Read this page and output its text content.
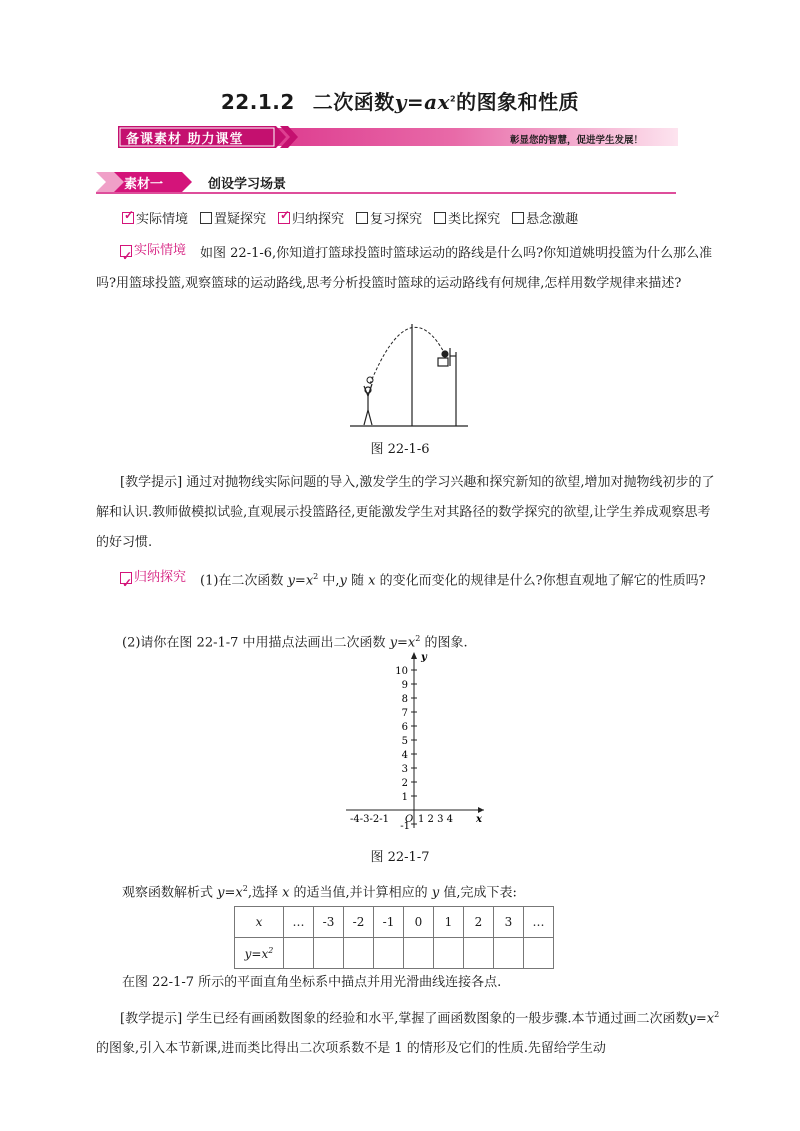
22.1.2 二次函数$y=ax^2$的图象和性质
备课素材 助力课堂	彰显您的智慧，促进学生发展！
素材一	创设学习场景
✓
实际情境 置疑探究 ✓ 归纳探究 复习探究 类比探究 悬念激趣
✓
实际情境 如图 22-1-6,你知道打篮球投篮时篮球运动的路线是什么吗?你知道姚明投篮为什么那么准吗?用篮球投篮,观察篮球的运动路线,思考分析投篮时篮球的运动路线有何规律,怎样用数学规律来描述?
图 22-1-6
[教学提示] 通过对抛物线实际问题的导入,激发学生的学习兴趣和探究新知的欲望,增加对抛物线初步的了解和认识.教师做模拟试验,直观展示投篮路径,更能激发学生对其路径的数学探究的欲望,让学生养成观察思考的好习惯.
✓
归纳探究 (1)在二次函数 $y=x^2$ 中,y 随 x 的变化而变化的规律是什么?你想直观地了解它的性质吗?
(2)请你在图 22-1-7 中用描点法画出二次函数 $y=x^2$ 的图象.
10
9
8
7
6
5
4
3
2
1
-1
y
x
-4-3-2-1 O 1 2 3 4
图 22-1-7
观察函数解析式 $y=x^2$,选择 x 的适当值,并计算相应的 y 值,完成下表:
x	…	-3	-2	-1	0	1	2	3	…
$y=x^2$									
在图 22-1-7 所示的平面直角坐标系中描点并用光滑曲线连接各点.
[教学提示] 学生已经有画函数图象的经验和水平,掌握了画函数图象的一般步骤.本节通过画二次函数$y=x^2$的图象,引入本节新课,进而类比得出二次项系数不是 1 的情形及它们的性质.先留给学生动
